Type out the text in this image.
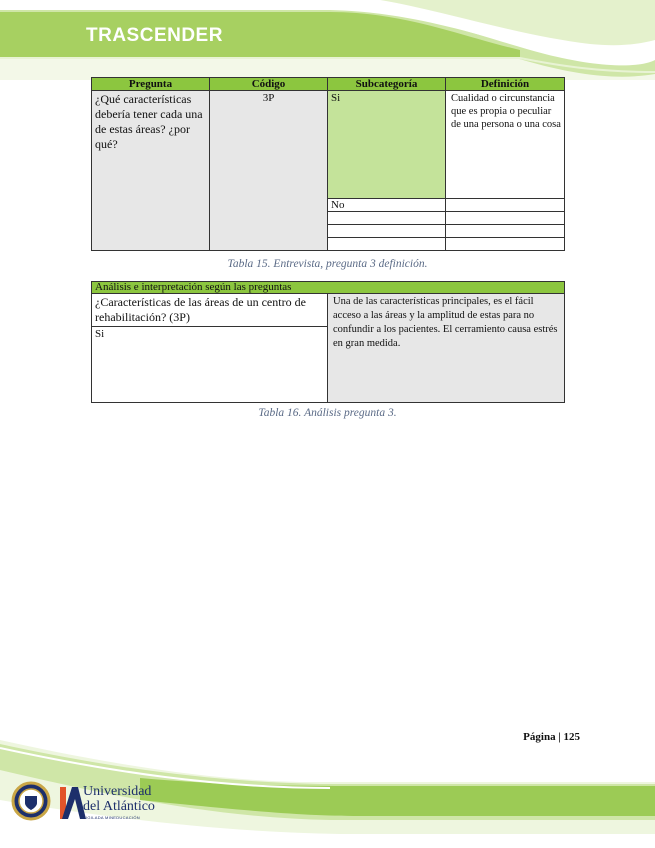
TRASCENDER
Pregunta	Código	Subcategoría	Definición
¿Qué características debería tener cada una de estas áreas? ¿por qué?	3P	Si	Cualidad o circunstancia que es propia o peculiar de una persona o una cosa
		No	

Tabla 15. Entrevista, pregunta 3 definición.
Análisis e interpretación según las preguntas
¿Características de las áreas de un centro de rehabilitación? (3P)	Una de las características principales, es el fácil acceso a las áreas y la amplitud de estas para no confundir a los pacientes. El cerramiento causa estrés en gran medida.
Si
Tabla 16. Análisis pregunta 3.
Página | 125
Universidad
del Atlántico
VIGILADA MINEDUCACIÓN
